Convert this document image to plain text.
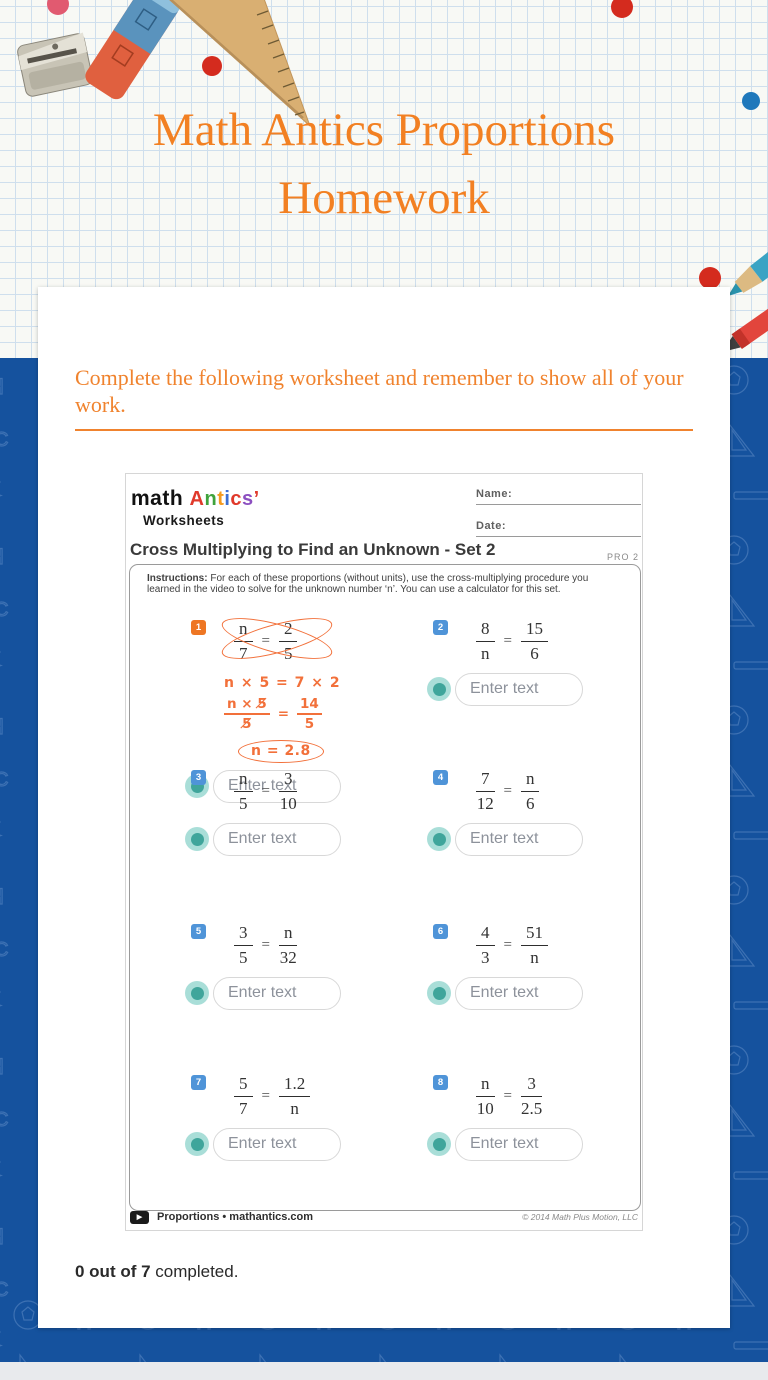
Math Antics Proportions Homework

Complete the following worksheet and remember to show all of your work.

math Antics’
Worksheets
Name:
Date:
Cross Multiplying to Find an Unknown - Set 2	PRO 2
Instructions: For each of these proportions (without units), use the cross-multiplying procedure you learned in the video to solve for the unknown number ‘n’. You can use a calculator for this set.
$1 \frac{n}{7} = \frac{2}{5}$
n × 5 = 7 × 2
$\frac{n \times 5̸}{5̸} = \frac{14}{5}$
n = 2.8
Enter text
$2 \frac{8}{n} = \frac{15}{6}$
Enter text
$3 \frac{n}{5} = \frac{3}{10}$
Enter text	$4 \frac{7}{12} = \frac{n}{6}$
Enter text
$5 \frac{3}{5} = \frac{n}{32}$
Enter text	$6 \frac{4}{3} = \frac{51}{n}$
Enter text
$7 \frac{5}{7} = \frac{1.2}{n}$
Enter text	$8 \frac{n}{10} = \frac{3}{2.5}$
Enter text
▶	Proportions • mathantics.com	© 2014 Math Plus Motion, LLC

0 out of 7 completed.
